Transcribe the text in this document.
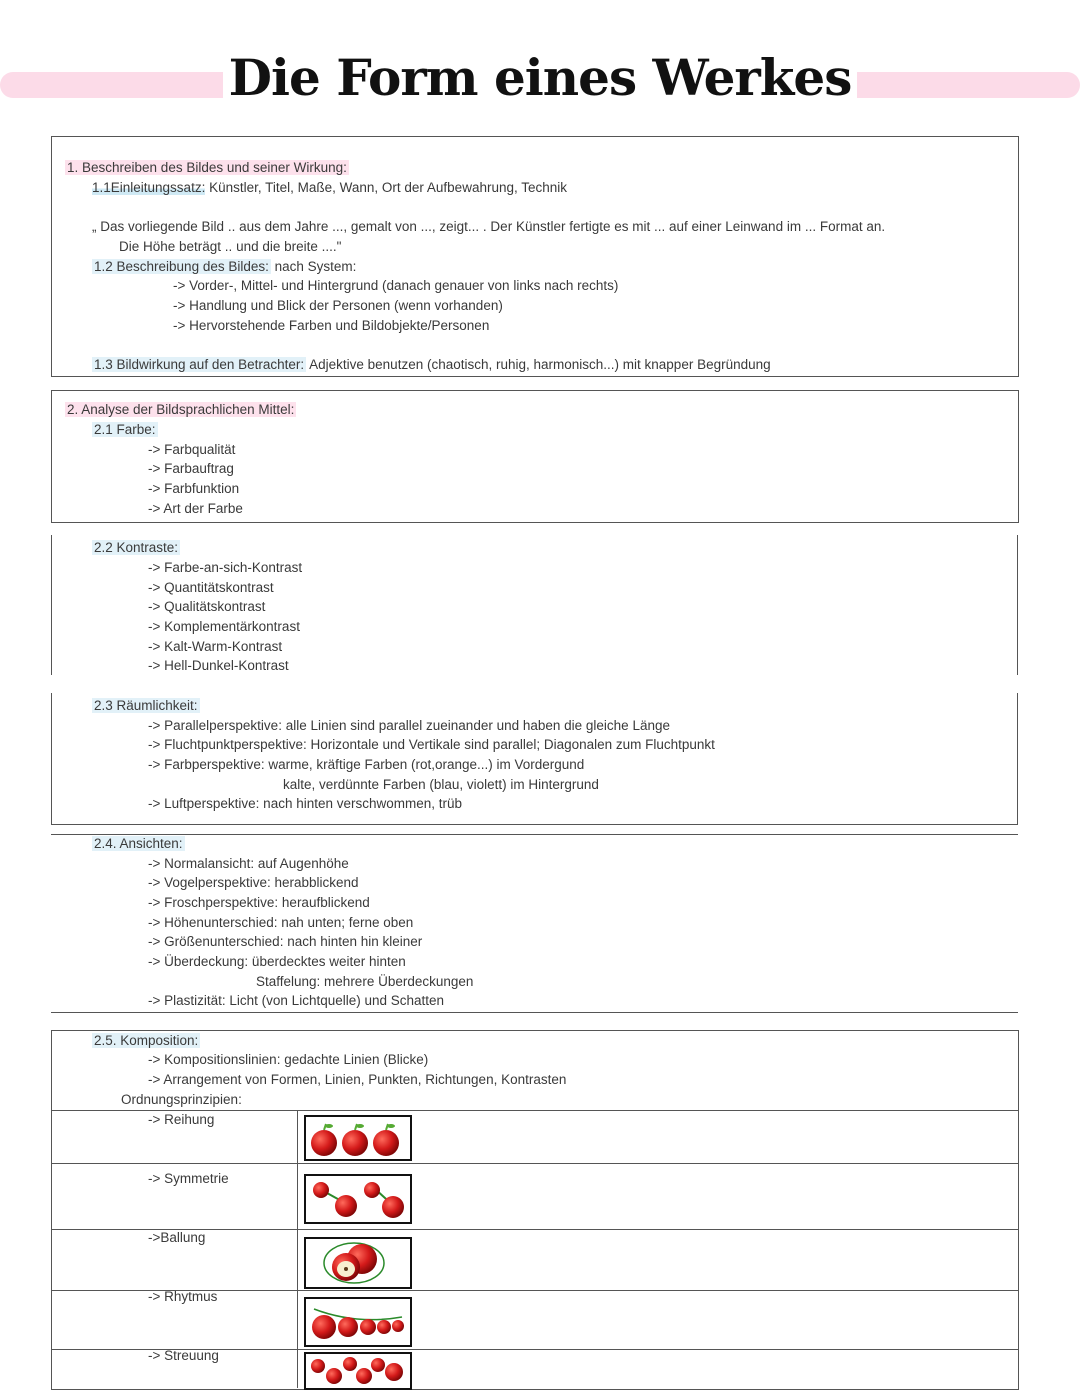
Die Form eines Werkes
1. Beschreiben des Bildes und seiner Wirkung:
1.1Einleitungssatz: Künstler, Titel, Maße, Wann, Ort der Aufbewahrung, Technik
„ Das vorliegende Bild .. aus dem Jahre ..., gemalt von ..., zeigt... . Der Künstler fertigte es mit ... auf einer Leinwand im ... Format an.
Die Höhe beträgt .. und die breite ...."
1.2 Beschreibung des Bildes: nach System:
-> Vorder-, Mittel- und Hintergrund (danach genauer von links nach rechts)
-> Handlung und Blick der Personen (wenn vorhanden)
-> Hervorstehende Farben und Bildobjekte/Personen
1.3 Bildwirkung auf den Betrachter: Adjektive benutzen (chaotisch, ruhig, harmonisch...) mit knapper Begründung
2. Analyse der Bildsprachlichen Mittel:
2.1 Farbe:
-> Farbqualität
-> Farbauftrag
-> Farbfunktion
-> Art der Farbe
2.2 Kontraste:
-> Farbe-an-sich-Kontrast
-> Quantitätskontrast
-> Qualitätskontrast
-> Komplementärkontrast
-> Kalt-Warm-Kontrast
-> Hell-Dunkel-Kontrast
2.3 Räumlichkeit:
-> Parallelperspektive: alle Linien sind parallel zueinander und haben die gleiche Länge
-> Fluchtpunktperspektive: Horizontale und Vertikale sind parallel; Diagonalen zum Fluchtpunkt
-> Farbperspektive: warme, kräftige Farben (rot,orange...) im Vordergund
kalte, verdünnte Farben (blau, violett) im Hintergrund
-> Luftperspektive: nach hinten verschwommen, trüb
2.4. Ansichten:
-> Normalansicht: auf Augenhöhe
-> Vogelperspektive: herabblickend
-> Froschperspektive: heraufblickend
-> Höhenunterschied: nah unten; ferne oben
-> Größenunterschied: nach hinten hin kleiner
-> Überdeckung: überdecktes weiter hinten
Staffelung: mehrere Überdeckungen
-> Plastizität: Licht (von Lichtquelle) und Schatten
2.5. Komposition:
-> Kompositionslinien: gedachte Linien (Blicke)
-> Arrangement von Formen, Linien, Punkten, Richtungen, Kontrasten
Ordnungsprinzipien:
-> Reihung
-> Symmetrie
->Ballung
-> Rhytmus
-> Streuung
